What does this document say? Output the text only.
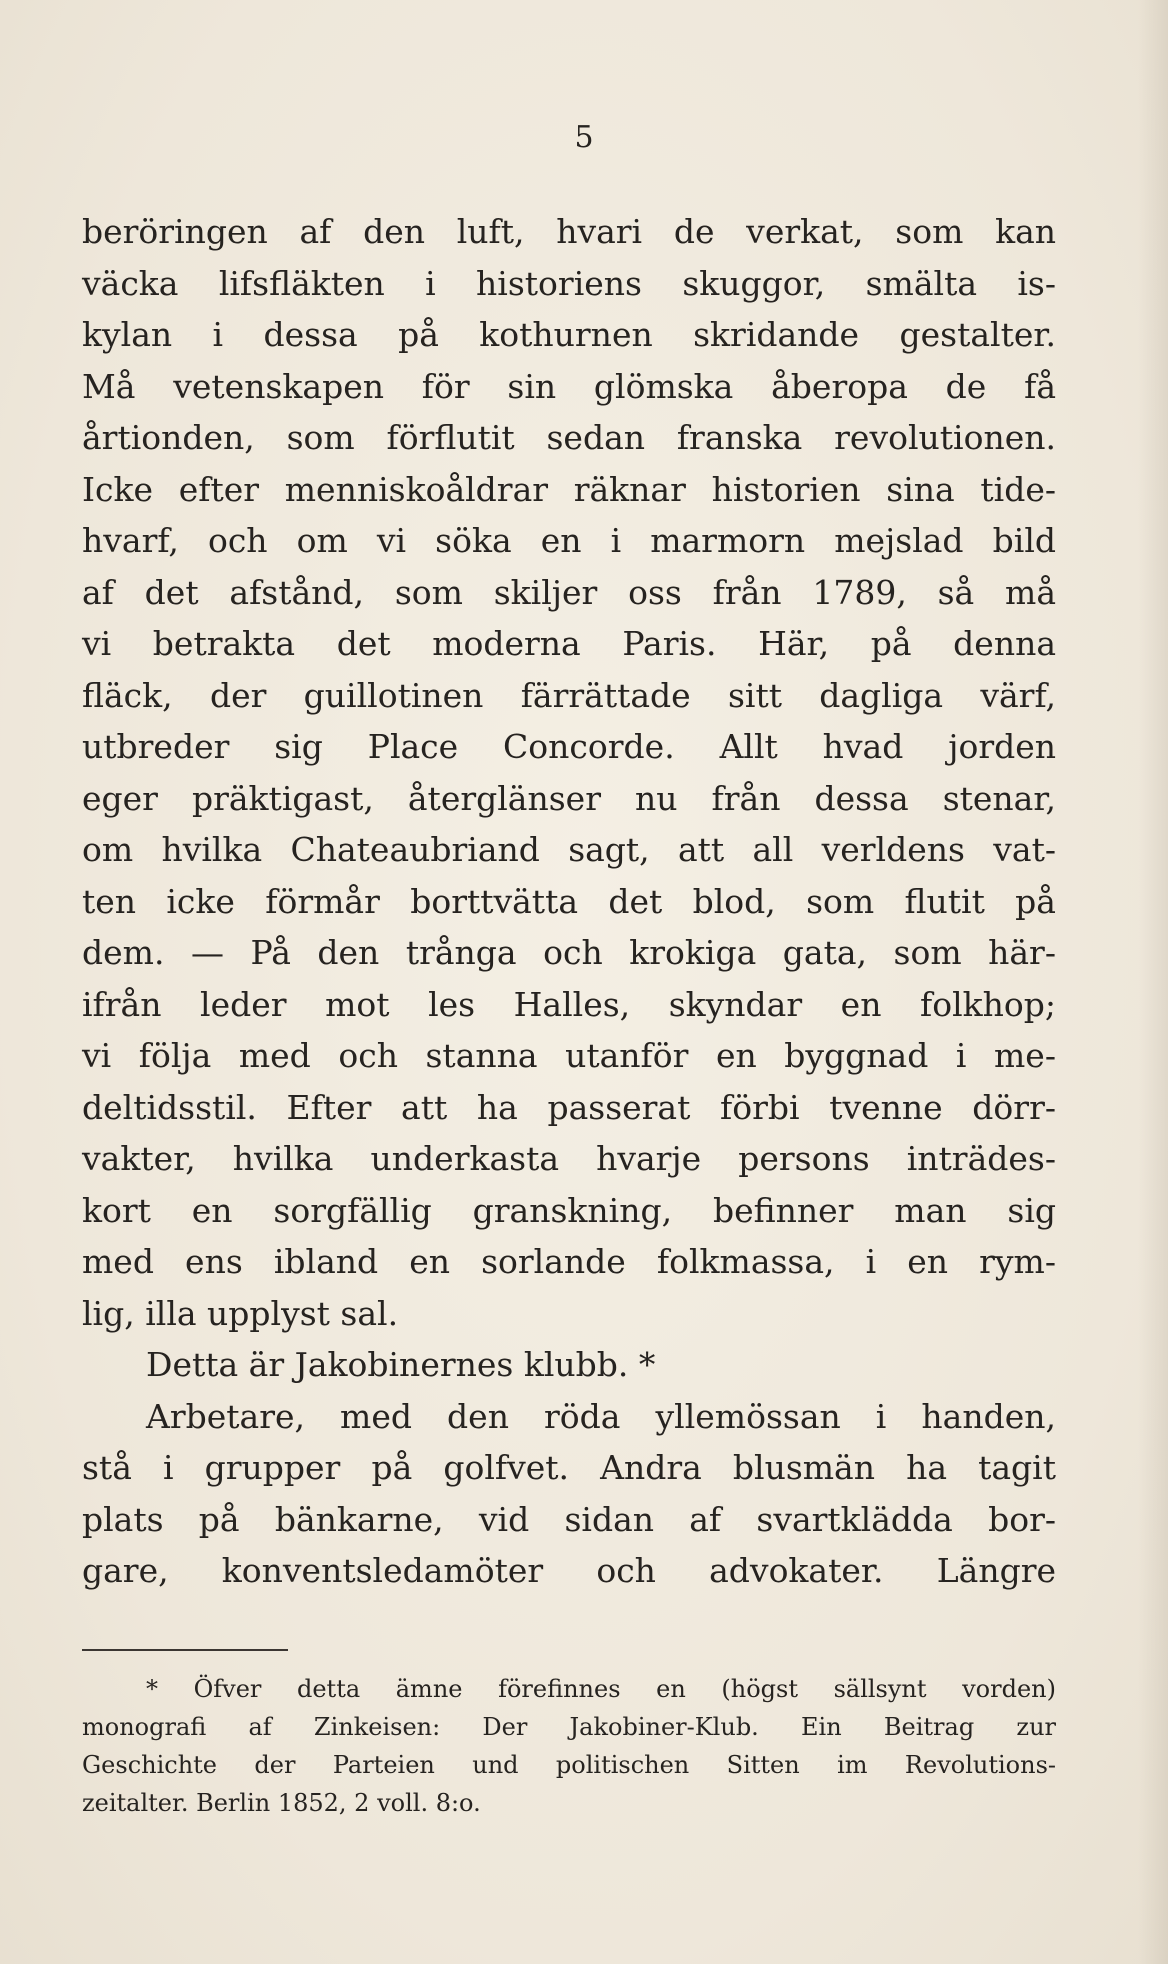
5
beröringen af den luft, hvari de verkat, som kan
väcka lifsfläkten i historiens skuggor, smälta is-
kylan i dessa på kothurnen skridande gestalter.
Må vetenskapen för sin glömska åberopa de få
årtionden, som förflutit sedan franska revolutionen.
Icke efter menniskoåldrar räknar historien sina tide-
hvarf, och om vi söka en i marmorn mejslad bild
af det afstånd, som skiljer oss från 1789, så må
vi betrakta det moderna Paris. Här, på denna
fläck, der guillotinen färrättade sitt dagliga värf,
utbreder sig Place Concorde. Allt hvad jorden
eger präktigast, återglänser nu från dessa stenar,
om hvilka Chateaubriand sagt, att all verldens vat-
ten icke förmår borttvätta det blod, som flutit på
dem. — På den trånga och krokiga gata, som här-
ifrån leder mot les Halles, skyndar en folkhop;
vi följa med och stanna utanför en byggnad i me-
deltidsstil. Efter att ha passerat förbi tvenne dörr-
vakter, hvilka underkasta hvarje persons inträdes-
kort en sorgfällig granskning, befinner man sig
med ens ibland en sorlande folkmassa, i en rym-
lig, illa upplyst sal.
Detta är Jakobinernes klubb. *
Arbetare, med den röda yllemössan i handen,
stå i grupper på golfvet. Andra blusmän ha tagit
plats på bänkarne, vid sidan af svartklädda bor-
gare, konventsledamöter och advokater. Längre
* Öfver detta ämne förefinnes en (högst sällsynt vorden)
monografi af Zinkeisen: Der Jakobiner-Klub. Ein Beitrag zur
Geschichte der Parteien und politischen Sitten im Revolutions-
zeitalter. Berlin 1852, 2 voll. 8:o.
